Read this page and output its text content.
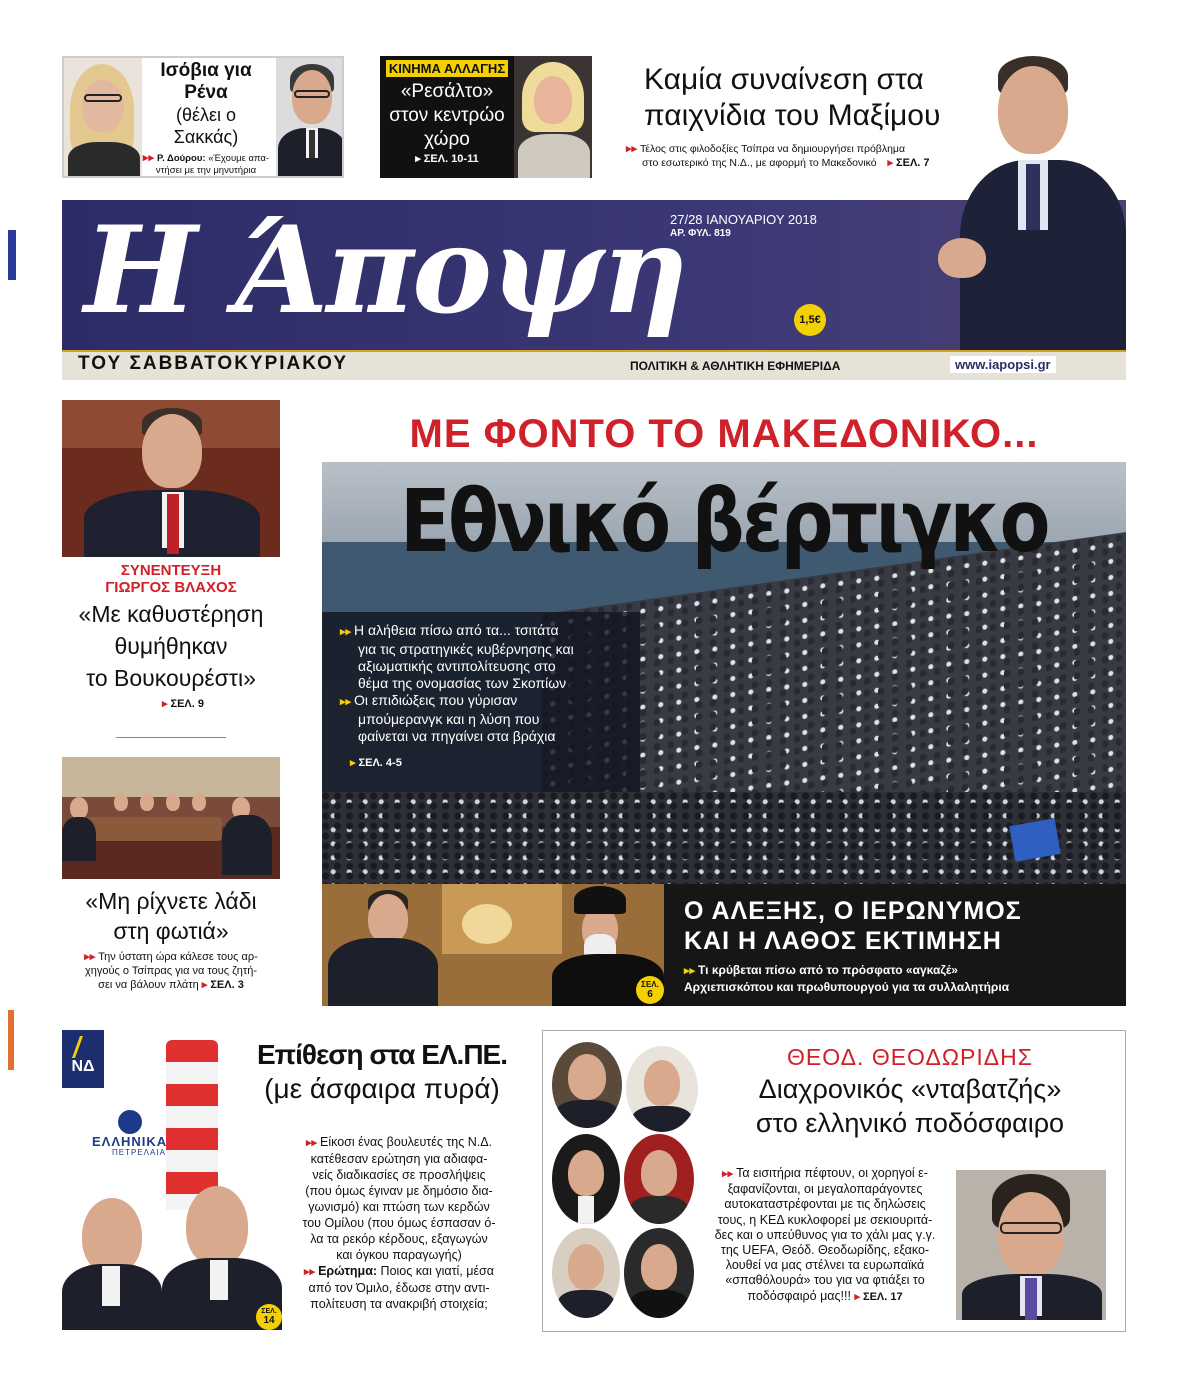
Ισόβια για Ρένα
(θέλει ο Σακκάς)
▸▸ Ρ. Δούρου: «Έχουμε απα-
ντήσει με την μηνυτήρια

ΚΙΝΗΜΑ ΑΛΛΑΓΗΣ
«Ρεσάλτο»
στον κεντρώο
χώρο
▸ ΣΕΛ. 10-11
Καμία συναίνεση στα
παιχνίδια του Μαξίμου
▸▸ Τέλος στις φιλοδοξίες Τσίπρα να δημιουργήσει πρόβλημα
στο εσωτερικό της Ν.Δ., με αφορμή το Μακεδονικό ▸ ΣΕΛ. 7
Η Άποψη
27/28 ΙΑΝΟΥΑΡΙΟΥ 2018
ΑΡ. ΦΥΛ. 819
1,5€
ΤΟΥ ΣΑΒΒΑΤΟΚΥΡΙΑΚΟΥ	ΠΟΛΙΤΙΚΗ & ΑΘΛΗΤΙΚΗ ΕΦΗΜΕΡΙΔΑ	www.iapopsi.gr
ΣΥΝΕΝΤΕΥΞΗ
ΓΙΩΡΓΟΣ ΒΛΑΧΟΣ
«Με καθυστέρηση
θυμήθηκαν
το Βουκουρέστι»
▸ ΣΕΛ. 9
«Μη ρίχνετε λάδι
στη φωτιά»
▸▸ Την ύστατη ώρα κάλεσε τους αρ-
χηγούς ο Τσίπρας για να τους ζητή-
σει να βάλουν πλάτη ▸ ΣΕΛ. 3
ΜΕ ΦΟΝΤΟ ΤΟ ΜΑΚΕΔΟΝΙΚΟ...
Εθνικό βέρτιγκο
▸▸ Η αλήθεια πίσω από τα... τσιτάτα
για τις στρατηγικές κυβέρνησης και
αξιωματικής αντιπολίτευσης στο
θέμα της ονομασίας των Σκοπίων
▸▸ Οι επιδιώξεις που γύρισαν
μπούμερανγκ και η λύση που
φαίνεται να πηγαίνει στα βράχια
▸ ΣΕΛ. 4-5
ΣΕΛ.
6
Ο ΑΛΕΞΗΣ, Ο ΙΕΡΩΝΥΜΟΣ
ΚΑΙ Η ΛΑΘΟΣ ΕΚΤΙΜΗΣΗ
▸▸ Τι κρύβεται πίσω από το πρόσφατο «αγκαζέ»
Αρχιεπισκόπου και πρωθυπουργού για τα συλλαλητήρια
ΝΔ
ΕΛΛΗΝΙΚΑ
ΠΕΤΡΕΛΑΙΑ
ΣΕΛ.
14
Επίθεση στα ΕΛ.ΠΕ.
(με άσφαιρα πυρά)
▸▸ Είκοσι ένας βουλευτές της Ν.Δ.
κατέθεσαν ερώτηση για αδιαφα-
νείς διαδικασίες σε προσλήψεις
(που όμως έγιναν με δημόσιο δια-
γωνισμό) και πτώση των κερδών
του Ομίλου (που όμως έσπασαν ό-
λα τα ρεκόρ κέρδους, εξαγωγών
και όγκου παραγωγής)
▸▸ Ερώτημα: Ποιος και γιατί, μέσα
από τον Όμιλο, έδωσε στην αντι-
πολίτευση τα ανακριβή στοιχεία;
ΘΕΟΔ. ΘΕΟΔΩΡΙΔΗΣ
Διαχρονικός «νταβατζής»
στο ελληνικό ποδόσφαιρο
▸▸ Τα εισιτήρια πέφτουν, οι χορηγοί ε-
ξαφανίζονται, οι μεγαλοπαράγοντες
αυτοκαταστρέφονται με τις δηλώσεις
τους, η ΚΕΔ κυκλοφορεί με σεκιουριτά-
δες και ο υπεύθυνος για το χάλι μας γ.γ.
της UEFA, Θεόδ. Θεοδωρίδης, εξακο-
λουθεί να μας στέλνει τα ευρωπαϊκά
«σπαθόλουρά» του για να φτιάξει το
ποδόσφαιρό μας!!! ▸ ΣΕΛ. 17
